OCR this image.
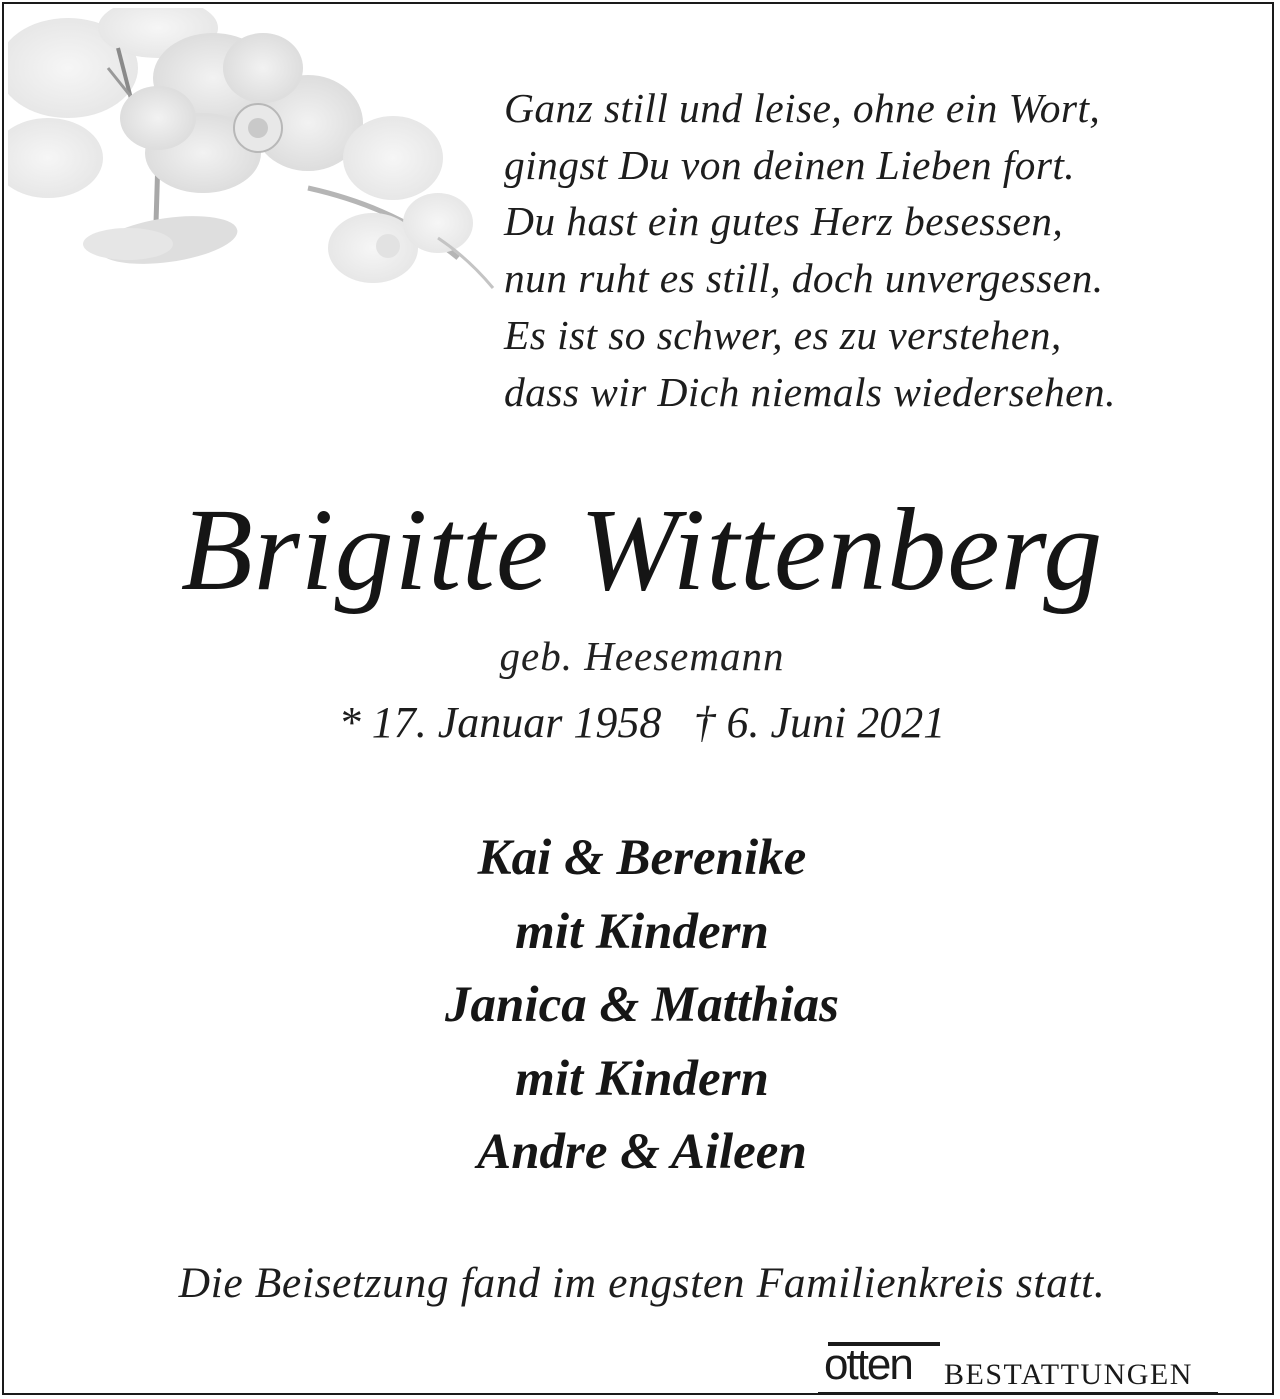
Ganz still und leise, ohne ein Wort,
gingst Du von deinen Lieben fort.
Du hast ein gutes Herz besessen,
nun ruht es still, doch unvergessen.
Es ist so schwer, es zu verstehen,
dass wir Dich niemals wiedersehen.
Brigitte Wittenberg
geb. Heesemann
* 17. Januar 1958 † 6. Juni 2021
Kai & Berenike
mit Kindern
Janica & Matthias
mit Kindern
Andre & Aileen
Die Beisetzung fand im engsten Familienkreis statt.
otten BESTATTUNGEN
